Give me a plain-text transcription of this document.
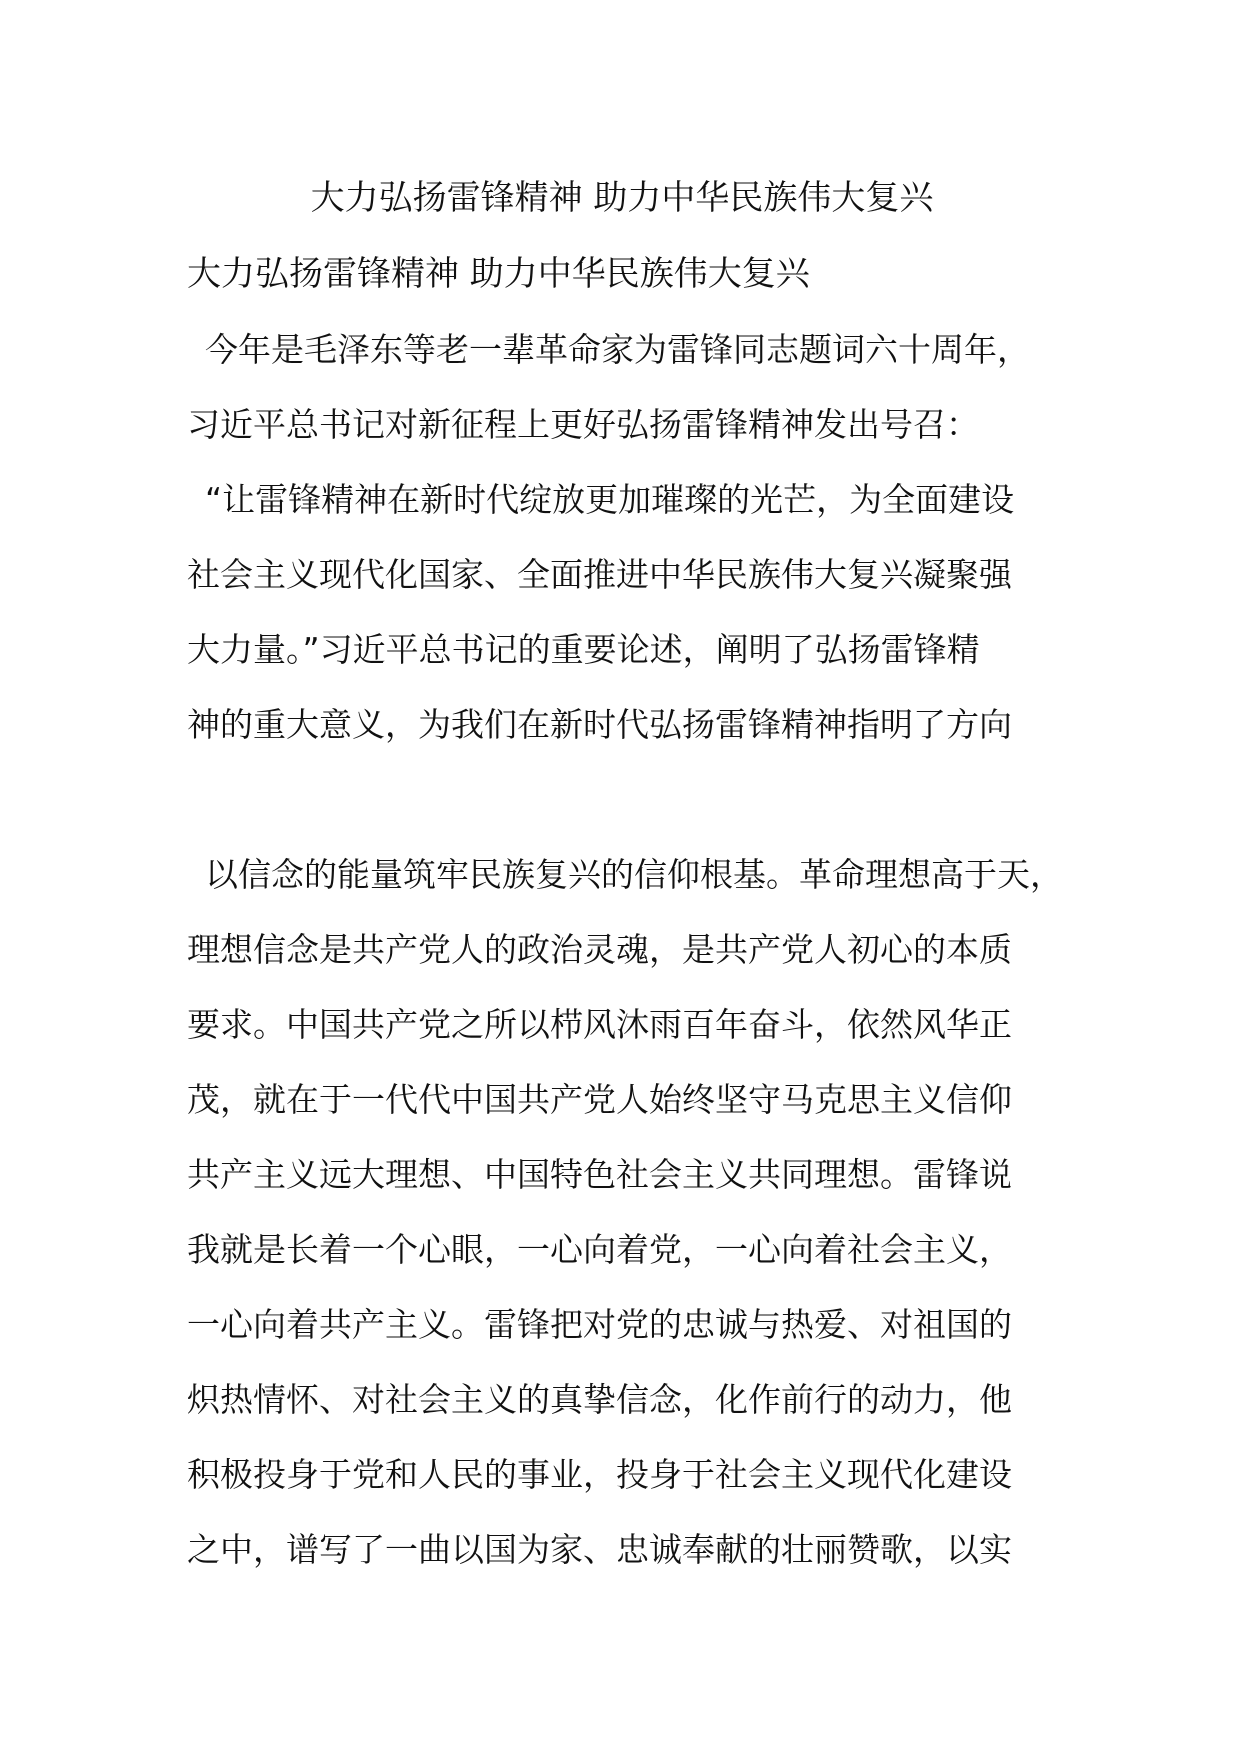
大力弘扬雷锋精神 助力中华民族伟大复兴
大力弘扬雷锋精神 助力中华民族伟大复兴

今年是毛泽东等老一辈革命家为雷锋同志题词六十周年，
习近平总书记对新征程上更好弘扬雷锋精神发出号召：
“让雷锋精神在新时代绽放更加璀璨的光芒，为全面建设
社会主义现代化国家、全面推进中华民族伟大复兴凝聚强
大力量。”习近平总书记的重要论述，阐明了弘扬雷锋精
神的重大意义，为我们在新时代弘扬雷锋精神指明了方向

以信念的能量筑牢民族复兴的信仰根基。革命理想高于天，
理想信念是共产党人的政治灵魂，是共产党人初心的本质
要求。中国共产党之所以栉风沐雨百年奋斗，依然风华正
茂，就在于一代代中国共产党人始终坚守马克思主义信仰
共产主义远大理想、中国特色社会主义共同理想。雷锋说
我就是长着一个心眼，一心向着党，一心向着社会主义，
一心向着共产主义。雷锋把对党的忠诚与热爱、对祖国的
炽热情怀、对社会主义的真挚信念，化作前行的动力，他
积极投身于党和人民的事业，投身于社会主义现代化建设
之中，谱写了一曲以国为家、忠诚奉献的壮丽赞歌，以实
